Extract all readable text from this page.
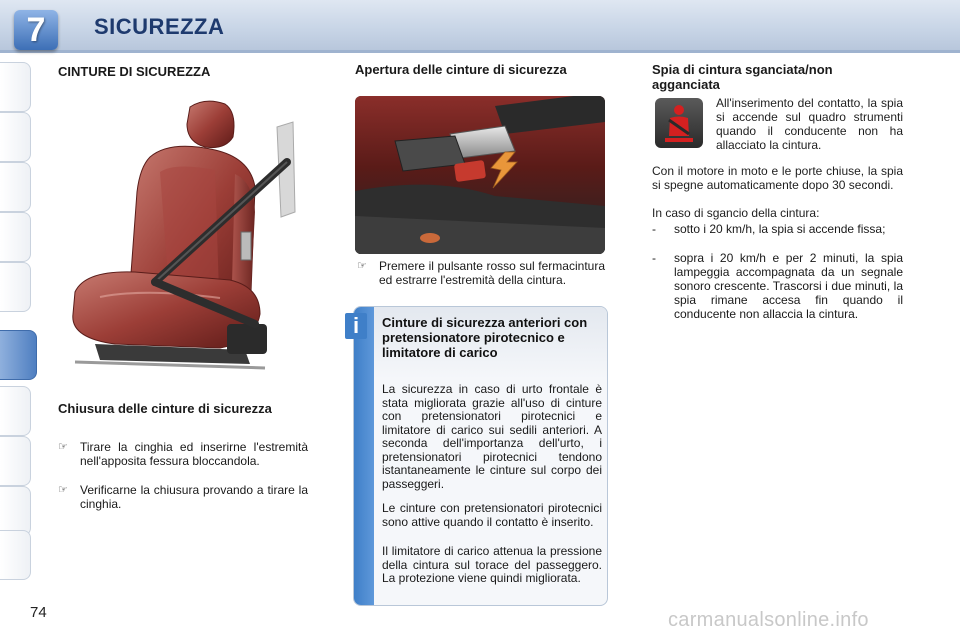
7	SICUREZZA
CINTURE DI SICUREZZA
Chiusura delle cinture di sicurezza
☞ Tirare la cinghia ed inserirne l'estremità nell'apposita fessura bloccandola.
☞ Verificarne la chiusura provando a tirare la cinghia.
Apertura delle cinture di sicurezza
☞ Premere il pulsante rosso sul fermacintura ed estrarre l'estremità della cintura.
Cinture di sicurezza anteriori con pretensionatore pirotecnico e limitatore di carico
La sicurezza in caso di urto frontale è stata migliorata grazie all'uso di cinture con pretensionatori pirotecnici e limitatore di carico sui sedili anteriori. A seconda dell'importanza dell'urto, i pretensionatori pirotecnici tendono istantaneamente le cinture sul corpo dei passeggeri.
Le cinture con pretensionatori pirotecnici sono attive quando il contatto è inserito.
Il limitatore di carico attenua la pressione della cintura sul torace del passeggero. La protezione viene quindi migliorata.
i
Spia di cintura sganciata/non agganciata
All'inserimento del contatto, la spia si accende sul quadro strumenti quando il conducente non ha allacciato la cintura.
Con il motore in moto e le porte chiuse, la spia si spegne automaticamente dopo 30 secondi.
In caso di sgancio della cintura:
- sotto i 20 km/h, la spia si accende fissa;
- sopra i 20 km/h e per 2 minuti, la spia lampeggia accompagnata da un segnale sonoro crescente. Trascorsi i due minuti, la spia rimane accesa fin quando il conducente non allaccia la cintura.
74	carmanualsonline.info
